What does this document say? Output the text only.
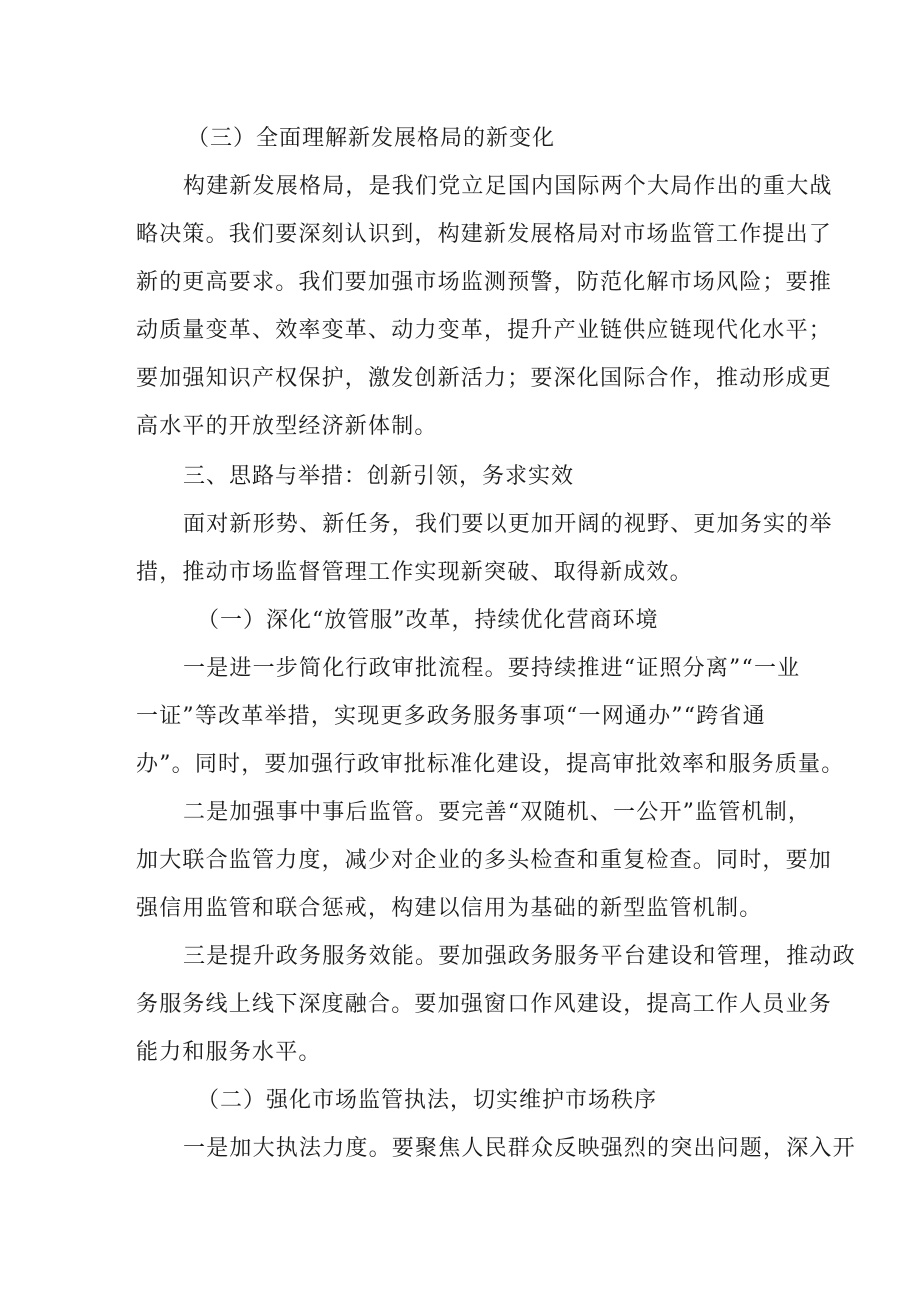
（三）全面理解新发展格局的新变化
构建新发展格局，是我们党立足国内国际两个大局作出的重大战
略决策。我们要深刻认识到，构建新发展格局对市场监管工作提出了
新的更高要求。我们要加强市场监测预警，防范化解市场风险；要推
动质量变革、效率变革、动力变革，提升产业链供应链现代化水平；
要加强知识产权保护，激发创新活力；要深化国际合作，推动形成更
高水平的开放型经济新体制。
三、思路与举措：创新引领，务求实效
面对新形势、新任务，我们要以更加开阔的视野、更加务实的举
措，推动市场监督管理工作实现新突破、取得新成效。
（一）深化“放管服”改革，持续优化营商环境
一是进一步简化行政审批流程。要持续推进“证照分离”“一业
一证”等改革举措，实现更多政务服务事项“一网通办”“跨省通
办”。同时，要加强行政审批标准化建设，提高审批效率和服务质量。
二是加强事中事后监管。要完善“双随机、一公开”监管机制，
加大联合监管力度，减少对企业的多头检查和重复检查。同时，要加
强信用监管和联合惩戒，构建以信用为基础的新型监管机制。
三是提升政务服务效能。要加强政务服务平台建设和管理，推动政
务服务线上线下深度融合。要加强窗口作风建设，提高工作人员业务
能力和服务水平。
（二）强化市场监管执法，切实维护市场秩序
一是加大执法力度。要聚焦人民群众反映强烈的突出问题，深入开
